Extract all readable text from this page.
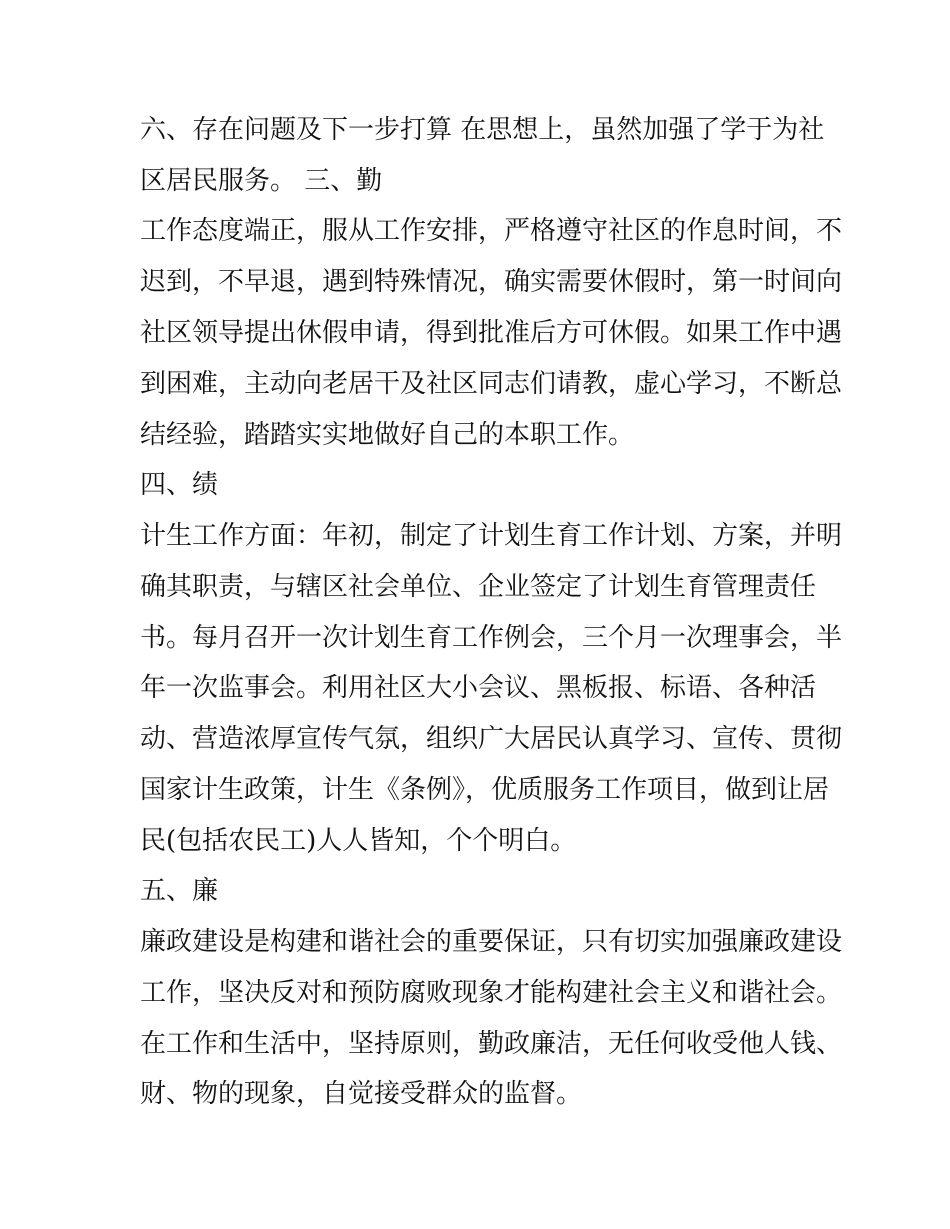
六、存在问题及下一步打算 在思想上，虽然加强了学于为社
区居民服务。 三、勤
工作态度端正，服从工作安排，严格遵守社区的作息时间，不
迟到，不早退，遇到特殊情况，确实需要休假时，第一时间向
社区领导提出休假申请，得到批准后方可休假。如果工作中遇
到困难，主动向老居干及社区同志们请教，虚心学习，不断总
结经验，踏踏实实地做好自己的本职工作。
四、绩
计生工作方面：年初，制定了计划生育工作计划、方案，并明
确其职责，与辖区社会单位、企业签定了计划生育管理责任
书。每月召开一次计划生育工作例会，三个月一次理事会，半
年一次监事会。利用社区大小会议、黑板报、标语、各种活
动、营造浓厚宣传气氛，组织广大居民认真学习、宣传、贯彻
国家计生政策，计生《条例》，优质服务工作项目，做到让居
民(包括农民工)人人皆知，个个明白。
五、廉
廉政建设是构建和谐社会的重要保证，只有切实加强廉政建设
工作，坚决反对和预防腐败现象才能构建社会主义和谐社会。
在工作和生活中，坚持原则，勤政廉洁，无任何收受他人钱、
财、物的现象，自觉接受群众的监督。
